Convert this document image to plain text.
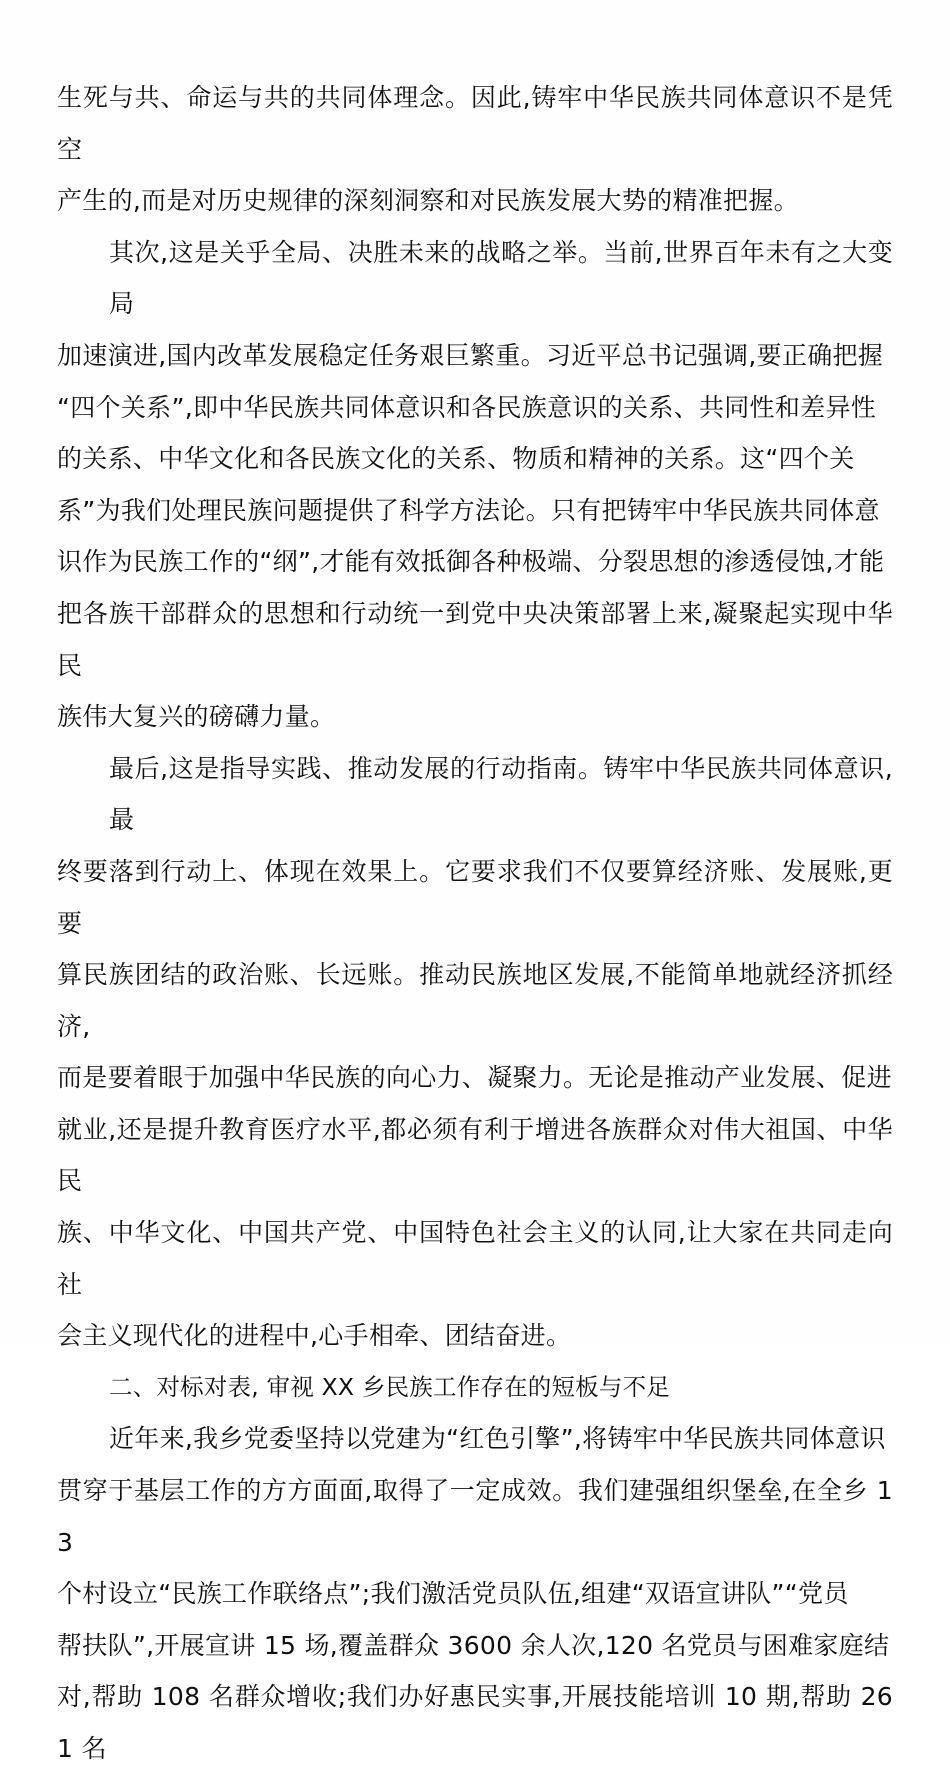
生死与共、命运与共的共同体理念。因此,铸牢中华民族共同体意识不是凭空
产生的,而是对历史规律的深刻洞察和对民族发展大势的精准把握。

其次,这是关乎全局、决胜未来的战略之举。当前,世界百年未有之大变局
加速演进,国内改革发展稳定任务艰巨繁重。习近平总书记强调,要正确把握
“四个关系”,即中华民族共同体意识和各民族意识的关系、共同性和差异性
的关系、中华文化和各民族文化的关系、物质和精神的关系。这“四个关
系”为我们处理民族问题提供了科学方法论。只有把铸牢中华民族共同体意
识作为民族工作的“纲”,才能有效抵御各种极端、分裂思想的渗透侵蚀,才能
把各族干部群众的思想和行动统一到党中央决策部署上来,凝聚起实现中华民
族伟大复兴的磅礴力量。

最后,这是指导实践、推动发展的行动指南。铸牢中华民族共同体意识,最
终要落到行动上、体现在效果上。它要求我们不仅要算经济账、发展账,更要
算民族团结的政治账、长远账。推动民族地区发展,不能简单地就经济抓经济,
而是要着眼于加强中华民族的向心力、凝聚力。无论是推动产业发展、促进
就业,还是提升教育医疗水平,都必须有利于增进各族群众对伟大祖国、中华民
族、中华文化、中国共产党、中国特色社会主义的认同,让大家在共同走向社
会主义现代化的进程中,心手相牵、团结奋进。

二、对标对表, 审视 XX 乡民族工作存在的短板与不足

近年来,我乡党委坚持以党建为“红色引擎”,将铸牢中华民族共同体意识
贯穿于基层工作的方方面面,取得了一定成效。我们建强组织堡垒,在全乡 13
个村设立“民族工作联络点”;我们激活党员队伍,组建“双语宣讲队”“党员
帮扶队”,开展宣讲 15 场,覆盖群众 3600 余人次,120 名党员与困难家庭结
对,帮助 108 名群众增收;我们办好惠民实事,开展技能培训 10 期,帮助 261 名
